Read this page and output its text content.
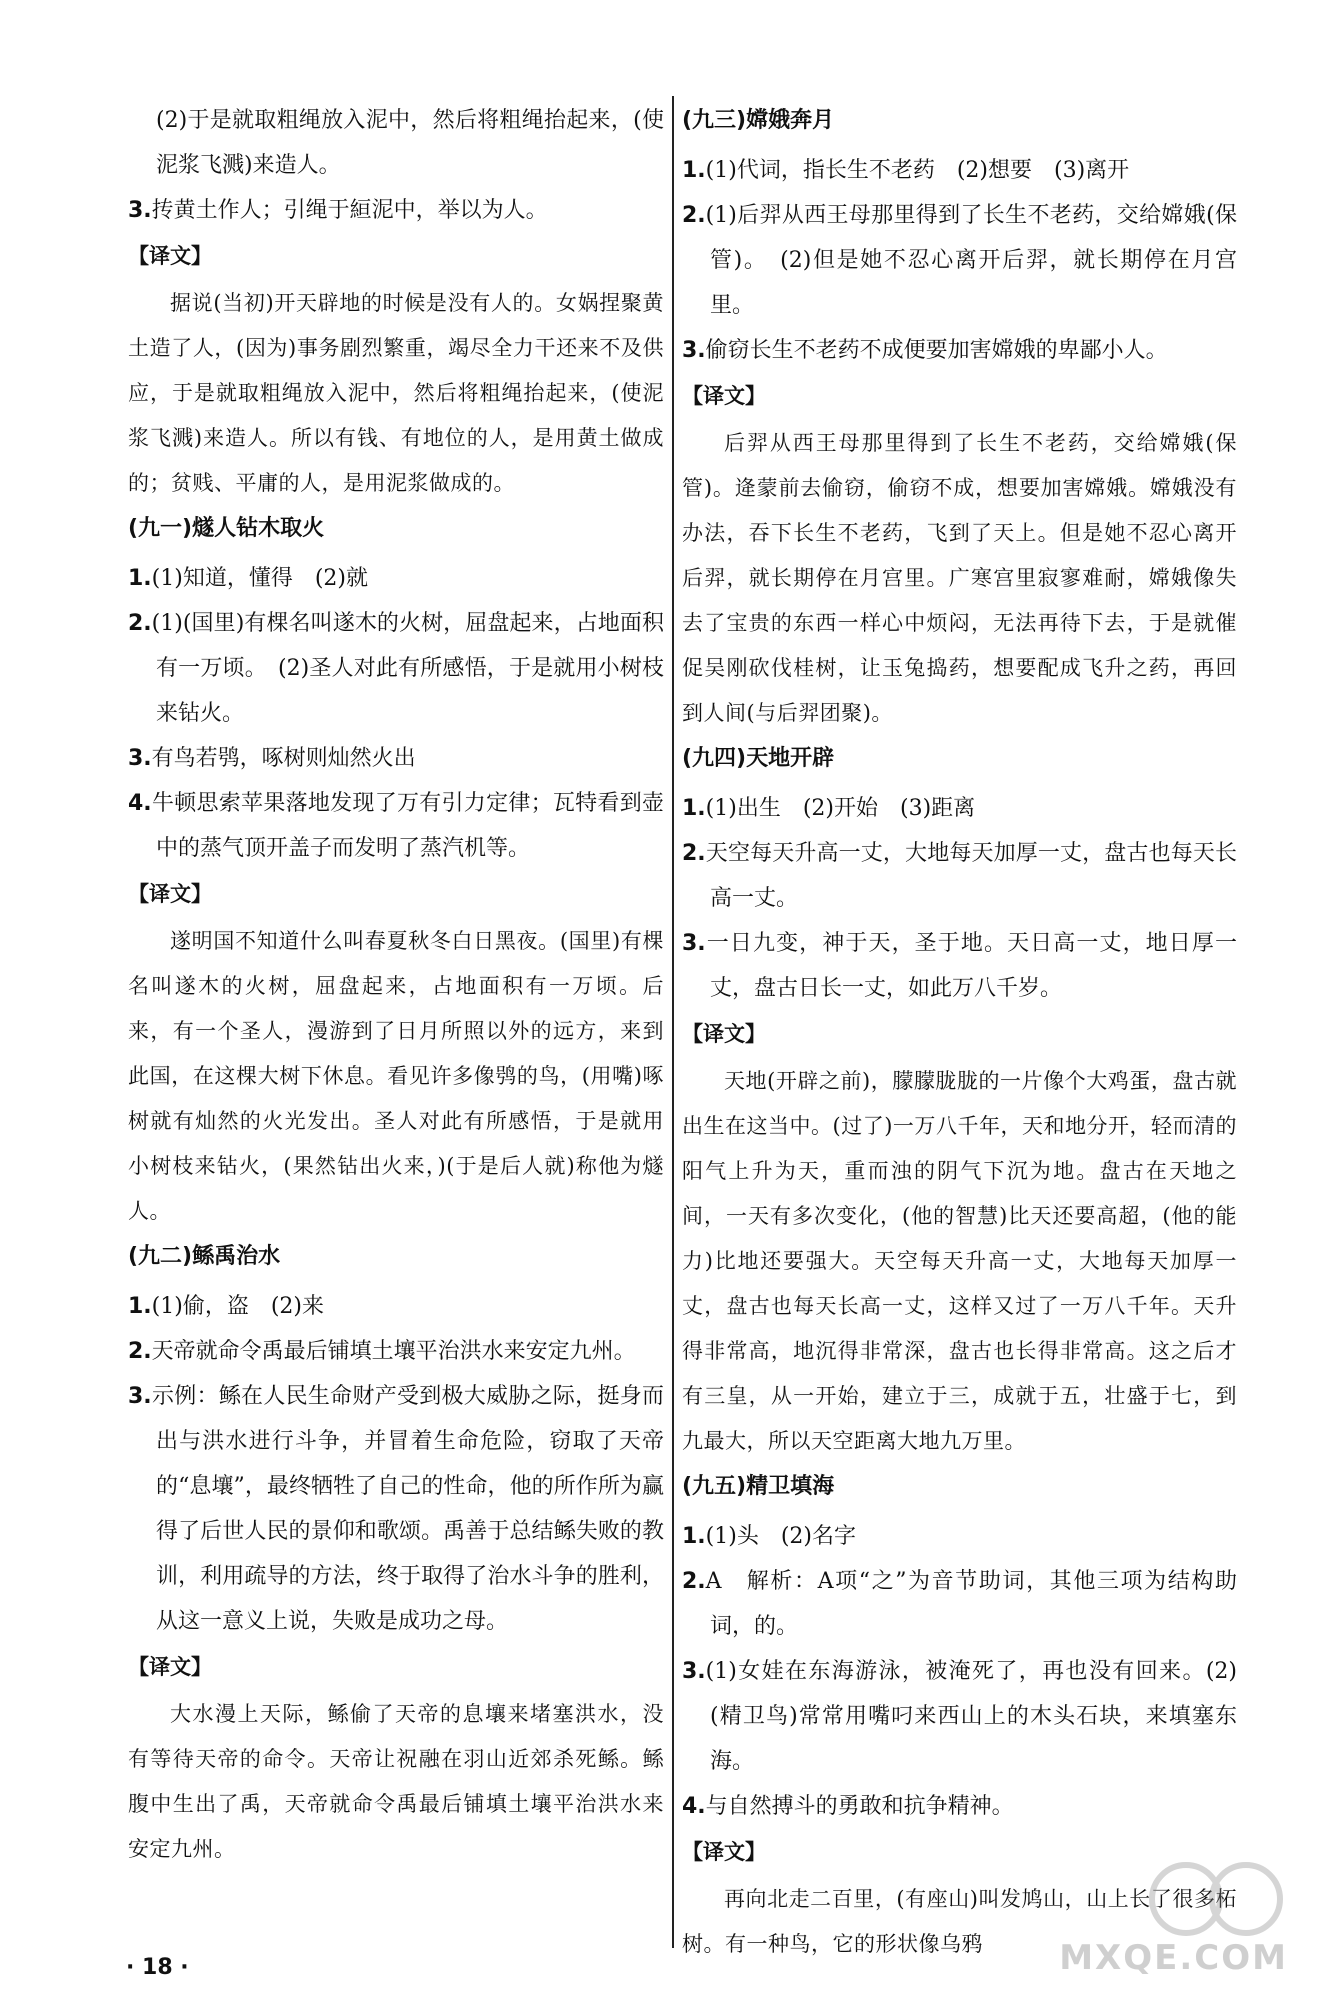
(2)于是就取粗绳放入泥中，然后将粗绳抬起来，(使泥浆飞溅)来造人。
3.抟黄土作人；引绳于絙泥中，举以为人。
【译文】
据说(当初)开天辟地的时候是没有人的。女娲捏聚黄土造了人，(因为)事务剧烈繁重，竭尽全力干还来不及供应，于是就取粗绳放入泥中，然后将粗绳抬起来，(使泥浆飞溅)来造人。所以有钱、有地位的人，是用黄土做成的；贫贱、平庸的人，是用泥浆做成的。
(九一)燧人钻木取火
1.(1)知道，懂得　(2)就
2.(1)(国里)有棵名叫遂木的火树，屈盘起来，占地面积有一万顷。　(2)圣人对此有所感悟，于是就用小树枝来钻火。
3.有鸟若鸮，啄树则灿然火出
4.牛顿思索苹果落地发现了万有引力定律；瓦特看到壶中的蒸气顶开盖子而发明了蒸汽机等。
【译文】
遂明国不知道什么叫春夏秋冬白日黑夜。(国里)有棵名叫遂木的火树，屈盘起来，占地面积有一万顷。后来，有一个圣人，漫游到了日月所照以外的远方，来到此国，在这棵大树下休息。看见许多像鸮的鸟，(用嘴)啄树就有灿然的火光发出。圣人对此有所感悟，于是就用小树枝来钻火，(果然钻出火来，)(于是后人就)称他为燧人。
(九二)鲧禹治水
1.(1)偷，盗　(2)来
2.天帝就命令禹最后铺填土壤平治洪水来安定九州。
3.示例：鲧在人民生命财产受到极大威胁之际，挺身而出与洪水进行斗争，并冒着生命危险，窃取了天帝的“息壤”，最终牺牲了自己的性命，他的所作所为赢得了后世人民的景仰和歌颂。禹善于总结鲧失败的教训，利用疏导的方法，终于取得了治水斗争的胜利，从这一意义上说，失败是成功之母。
【译文】
大水漫上天际，鲧偷了天帝的息壤来堵塞洪水，没有等待天帝的命令。天帝让祝融在羽山近郊杀死鲧。鲧腹中生出了禹，天帝就命令禹最后铺填土壤平治洪水来安定九州。
(九三)嫦娥奔月
1.(1)代词，指长生不老药　(2)想要　(3)离开
2.(1)后羿从西王母那里得到了长生不老药，交给嫦娥(保管)。　(2)但是她不忍心离开后羿，就长期停在月宫里。
3.偷窃长生不老药不成便要加害嫦娥的卑鄙小人。
【译文】
后羿从西王母那里得到了长生不老药，交给嫦娥(保管)。逄蒙前去偷窃，偷窃不成，想要加害嫦娥。嫦娥没有办法，吞下长生不老药，飞到了天上。但是她不忍心离开后羿，就长期停在月宫里。广寒宫里寂寥难耐，嫦娥像失去了宝贵的东西一样心中烦闷，无法再待下去，于是就催促吴刚砍伐桂树，让玉兔捣药，想要配成飞升之药，再回到人间(与后羿团聚)。
(九四)天地开辟
1.(1)出生　(2)开始　(3)距离
2.天空每天升高一丈，大地每天加厚一丈，盘古也每天长高一丈。
3.一日九变，神于天，圣于地。天日高一丈，地日厚一丈，盘古日长一丈，如此万八千岁。
【译文】
天地(开辟之前)，朦朦胧胧的一片像个大鸡蛋，盘古就出生在这当中。(过了)一万八千年，天和地分开，轻而清的阳气上升为天，重而浊的阴气下沉为地。盘古在天地之间，一天有多次变化，(他的智慧)比天还要高超，(他的能力)比地还要强大。天空每天升高一丈，大地每天加厚一丈，盘古也每天长高一丈，这样又过了一万八千年。天升得非常高，地沉得非常深，盘古也长得非常高。这之后才有三皇，从一开始，建立于三，成就于五，壮盛于七，到九最大，所以天空距离大地九万里。
(九五)精卫填海
1.(1)头　(2)名字
2.A　解析：A项“之”为音节助词，其他三项为结构助词，的。
3.(1)女娃在东海游泳，被淹死了，再也没有回来。(2)(精卫鸟)常常用嘴叼来西山上的木头石块，来填塞东海。
4.与自然搏斗的勇敢和抗争精神。
【译文】
再向北走二百里，(有座山)叫发鸠山，山上长了很多柘树。有一种鸟，它的形状像乌鸦
· 18 ·	MXQE.COM
